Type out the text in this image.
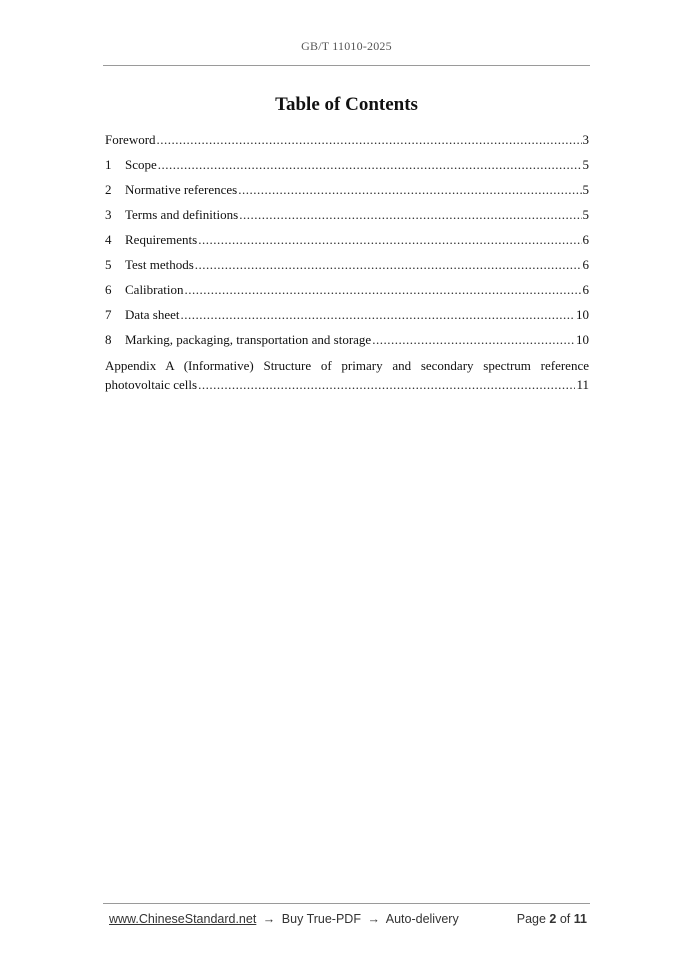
GB/T 11010-2025
Table of Contents
Foreword .....	3
1	Scope .....	5
2	Normative references .....	5
3	Terms and definitions .....	5
4	Requirements .....	6
5	Test methods .....	6
6	Calibration .....	6
7	Data sheet .....	10
8	Marking, packaging, transportation and storage .....	10
Appendix A (Informative) Structure of primary and secondary spectrum reference
photovoltaic cells .....	11
www.ChineseStandard.net → Buy True-PDF → Auto-delivery	Page 2 of 11
